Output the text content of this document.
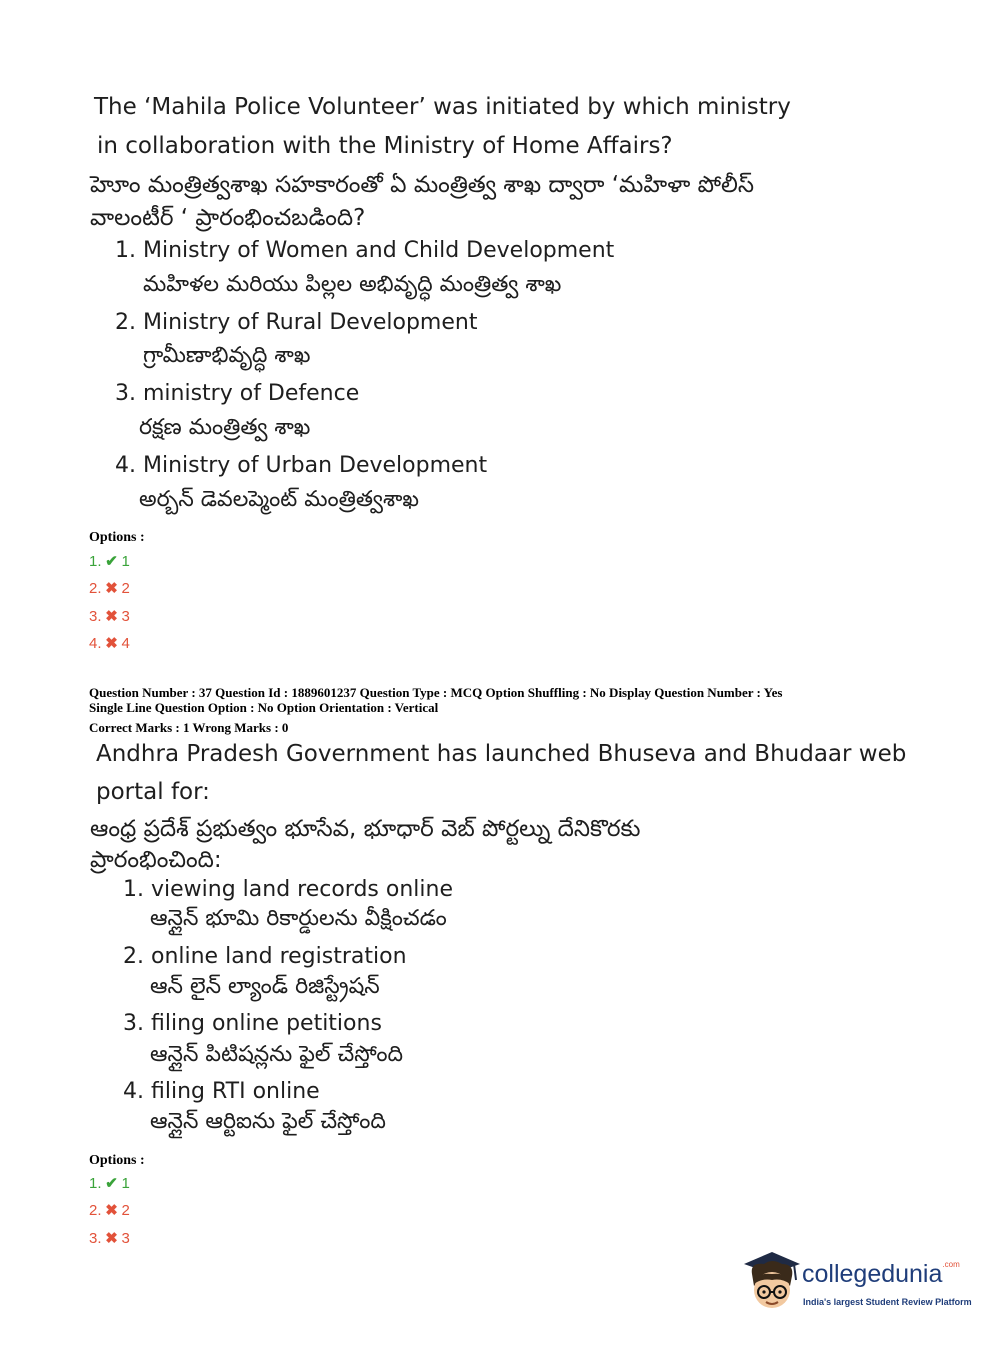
The ‘Mahila Police Volunteer’ was initiated by which ministry
in collaboration with the Ministry of Home Affairs?
హెూం మంత్రిత్వశాఖ సహకారంతో ఏ మంత్రిత్వ శాఖ ద్వారా ‘మహిళా పోలీస్
వాలంటీర్ ‘ ప్రారంభించబడింది?
1. Ministry of Women and Child Development
మహిళల మరియు పిల్లల అభివృద్ధి మంత్రిత్వ శాఖ
2. Ministry of Rural Development
గ్రామీణాభివృద్ధి శాఖ
3. ministry of Defence
రక్షణ మంత్రిత్వ శాఖ
4. Ministry of Urban Development
అర్బన్ డెవలప్మెంట్ మంత్రిత్వశాఖ
Options :
1. ✔ 1
2. ✖ 2
3. ✖ 3
4. ✖ 4
Question Number : 37 Question Id : 1889601237 Question Type : MCQ Option Shuffling : No Display Question Number : Yes
Single Line Question Option : No Option Orientation : Vertical
Correct Marks : 1 Wrong Marks : 0
Andhra Pradesh Government has launched Bhuseva and Bhudaar web
portal for:
ఆంధ్ర ప్రదేశ్ ప్రభుత్వం భూసేవ, భూధార్ వెబ్ పోర్టల్ను దేనికొరకు
ప్రారంభించింది:
1. viewing land records online
ఆన్లైన్ భూమి రికార్డులను వీక్షించడం
2. online land registration
ఆన్ లైన్ ల్యాండ్ రిజిస్ట్రేషన్
3. filing online petitions
ఆన్లైన్ పిటిషన్లను ఫైల్ చేస్తోంది
4. filing RTI online
ఆన్లైన్ ఆర్టిఐను ఫైల్ చేస్తోంది
Options :
1. ✔ 1
2. ✖ 2
3. ✖ 3
collegedunia$^{.com}$
India's largest Student Review Platform
